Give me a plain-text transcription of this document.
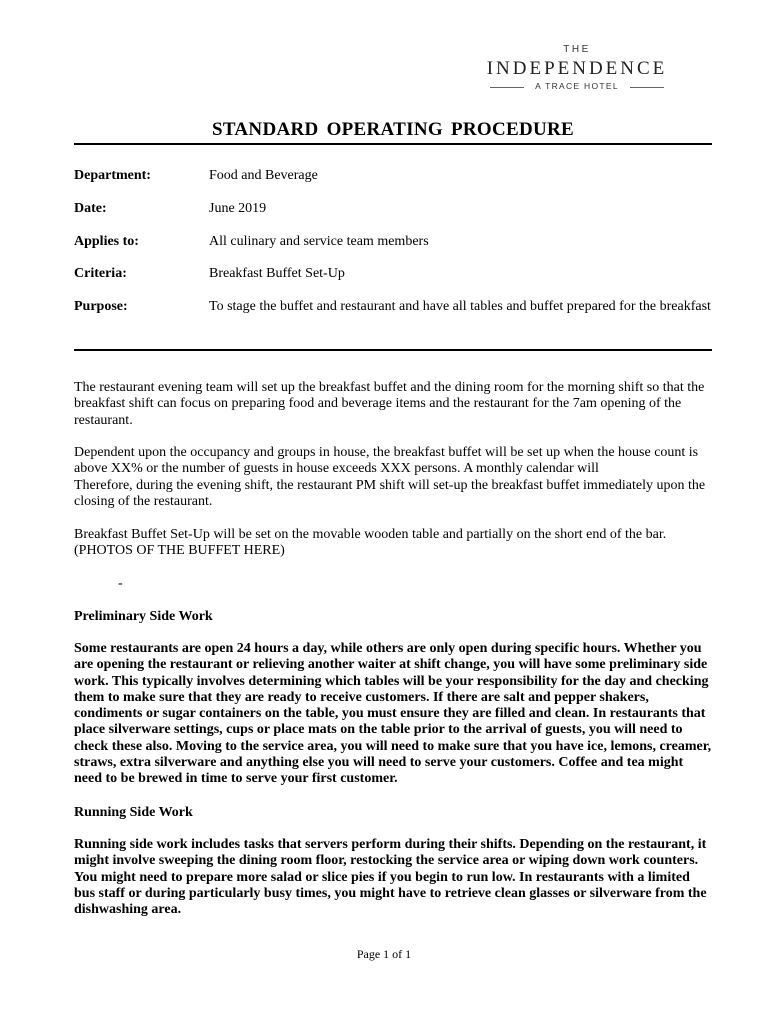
THE
INDEPENDENCE
A TRACE HOTEL
STANDARD OPERATING PROCEDURE
Department:	Food and Beverage
Date:	June 2019
Applies to:	All culinary and service team members
Criteria:	Breakfast Buffet Set-Up
Purpose:	To stage the buffet and restaurant and have all tables and buffet prepared for the breakfast
The restaurant evening team will set up the breakfast buffet and the dining room for the morning shift so that the breakfast shift can focus on preparing food and beverage items and the restaurant for the 7am opening of the restaurant.
Dependent upon the occupancy and groups in house, the breakfast buffet will be set up when the house count is above XX% or the number of guests in house exceeds XXX persons. A monthly calendar will
Therefore, during the evening shift, the restaurant PM shift will set-up the breakfast buffet immediately upon the closing of the restaurant.
Breakfast Buffet Set-Up will be set on the movable wooden table and partially on the short end of the bar.
(PHOTOS OF THE BUFFET HERE)
-
Preliminary Side Work
Some restaurants are open 24 hours a day, while others are only open during specific hours. Whether you are opening the restaurant or relieving another waiter at shift change, you will have some preliminary side work. This typically involves determining which tables will be your responsibility for the day and checking them to make sure that they are ready to receive customers. If there are salt and pepper shakers, condiments or sugar containers on the table, you must ensure they are filled and clean. In restaurants that place silverware settings, cups or place mats on the table prior to the arrival of guests, you will need to check these also. Moving to the service area, you will need to make sure that you have ice, lemons, creamer, straws, extra silverware and anything else you will need to serve your customers. Coffee and tea might need to be brewed in time to serve your first customer.
Running Side Work
Running side work includes tasks that servers perform during their shifts. Depending on the restaurant, it might involve sweeping the dining room floor, restocking the service area or wiping down work counters. You might need to prepare more salad or slice pies if you begin to run low. In restaurants with a limited bus staff or during particularly busy times, you might have to retrieve clean glasses or silverware from the dishwashing area.
Page 1 of 1
